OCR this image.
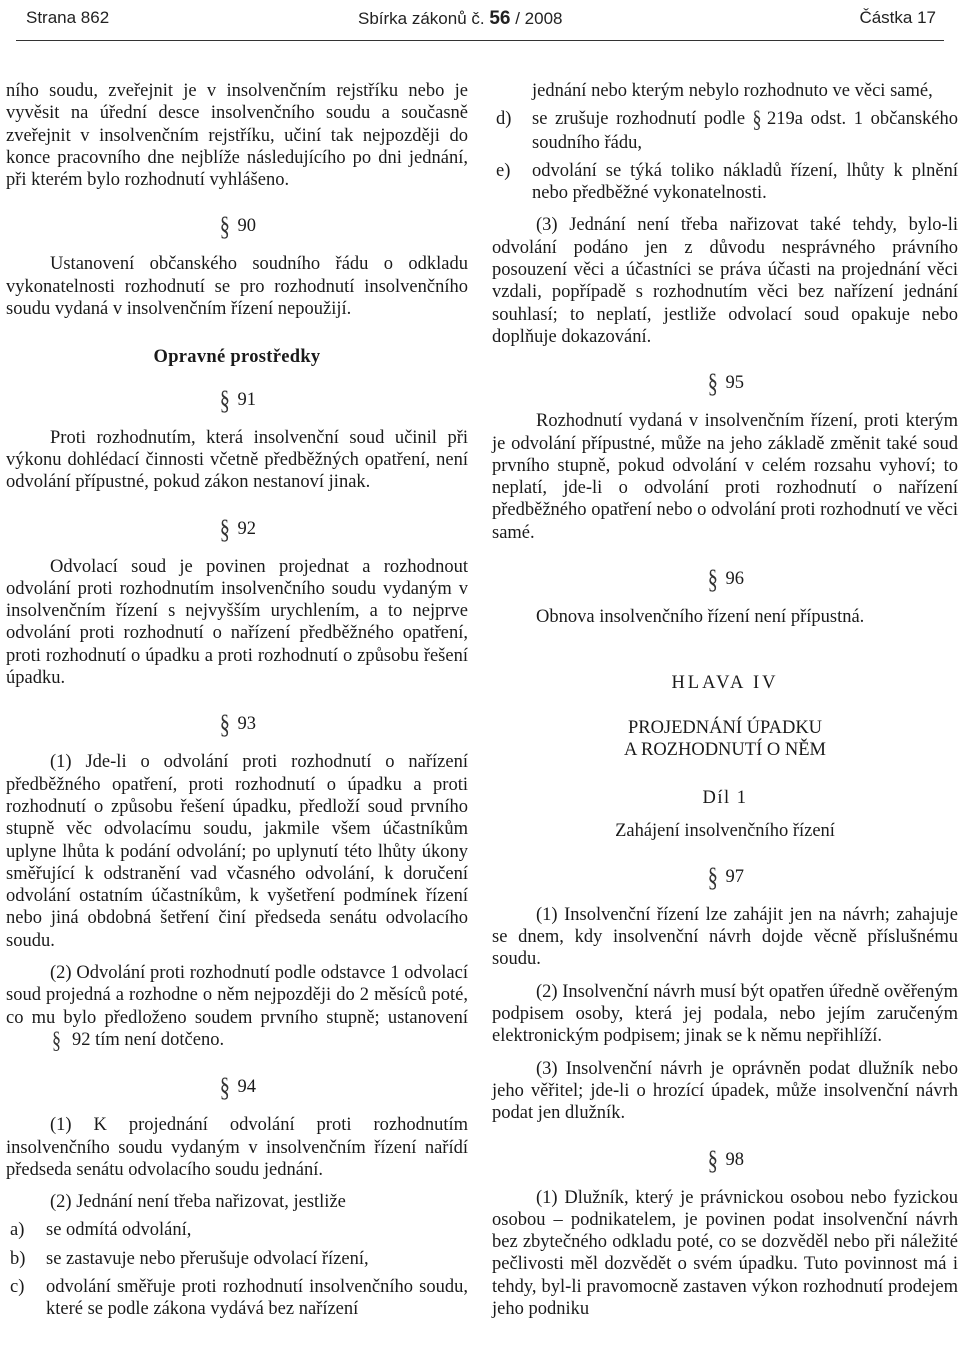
Strana 862	Sbírka zákonů č. 56 / 2008	Částka 17

ního soudu, zveřejnit je v insolvenčním rejstříku nebo je vyvěsit na úřední desce insolvenčního soudu a současně zveřejnit v insolvenčním rejstříku, učiní tak nejpozději do konce pracovního dne nejblíže následujícího po dni jednání, při kterém bylo rozhodnutí vyhlášeno.

§ 90

Ustanovení občanského soudního řádu o odkladu vykonatelnosti rozhodnutí se pro rozhodnutí insolvenčního soudu vydaná v insolvenčním řízení nepoužijí.

Opravné prostředky
§ 91

Proti rozhodnutím, která insolvenční soud učinil při výkonu dohlédací činnosti včetně předběžných opatření, není odvolání přípustné, pokud zákon nestanoví jinak.

§ 92

Odvolací soud je povinen projednat a rozhodnout odvolání proti rozhodnutím insolvenčního soudu vydaným v insolvenčním řízení s nejvyšším urychlením, a to nejprve odvolání proti rozhodnutí o nařízení předběžného opatření, proti rozhodnutí o úpadku a proti rozhodnutí o způsobu řešení úpadku.

§ 93

(1) Jde-li o odvolání proti rozhodnutí o nařízení předběžného opatření, proti rozhodnutí o úpadku a proti rozhodnutí o způsobu řešení úpadku, předloží soud prvního stupně věc odvolacímu soudu, jakmile všem účastníkům uplyne lhůta k podání odvolání; po uplynutí této lhůty úkony směřující k odstranění vad včasného odvolání, k doručení odvolání ostatním účastníkům, k vyšetření podmínek řízení nebo jiná obdobná šetření činí předseda senátu odvolacího soudu.

(2) Odvolání proti rozhodnutí podle odstavce 1 odvolací soud projedná a rozhodne o něm nejpozději do 2 měsíců poté, co mu bylo předloženo soudem prvního stupně; ustanovení§ 92 tím není dotčeno.

§ 94

(1) K projednání odvolání proti rozhodnutím insolvenčního soudu vydaným v insolvenčním řízení nařídí předseda senátu odvolacího soudu jednání.

(2) Jednání není třeba nařizovat, jestliže

a)	se odmítá odvolání,
b)	se zastavuje nebo přerušuje odvolací řízení,
c)	odvolání směřuje proti rozhodnutí insolvenčního soudu, které se podle zákona vydává bez nařízení
jednání nebo kterým nebylo rozhodnuto ve věci samé,
d)	se zrušuje rozhodnutí podle § 219a odst. 1 občanského soudního řádu,
e)	odvolání se týká toliko nákladů řízení, lhůty k plnění nebo předběžné vykonatelnosti.

(3) Jednání není třeba nařizovat také tehdy, bylo-li odvolání podáno jen z důvodu nesprávného právního posouzení věci a účastníci se práva účasti na projednání věci vzdali, popřípadě s rozhodnutím věci bez nařízení jednání souhlasí; to neplatí, jestliže odvolací soud opakuje nebo doplňuje dokazování.

§ 95

Rozhodnutí vydaná v insolvenčním řízení, proti kterým je odvolání přípustné, může na jeho základě změnit také soud prvního stupně, pokud odvolání v celém rozsahu vyhoví; to neplatí, jde-li o odvolání proti rozhodnutí o nařízení předběžného opatření nebo o odvolání proti rozhodnutí ve věci samé.

§ 96

Obnova insolvenčního řízení není přípustná.

HLAVA IV
PROJEDNÁNÍ ÚPADKU
A ROZHODNUTÍ O NĚM
Díl 1
Zahájení insolvenčního řízení
§ 97

(1) Insolvenční řízení lze zahájit jen na návrh; zahajuje se dnem, kdy insolvenční návrh dojde věcně příslušnému soudu.

(2) Insolvenční návrh musí být opatřen úředně ověřeným podpisem osoby, která jej podala, nebo jejím zaručeným elektronickým podpisem; jinak se k němu nepřihlíží.

(3) Insolvenční návrh je oprávněn podat dlužník nebo jeho věřitel; jde-li o hrozící úpadek, může insolvenční návrh podat jen dlužník.

§ 98

(1) Dlužník, který je právnickou osobou nebo fyzickou osobou – podnikatelem, je povinen podat insolvenční návrh bez zbytečného odkladu poté, co se dozvěděl nebo při náležité pečlivosti měl dozvědět o svém úpadku. Tuto povinnost má i tehdy, byl-li pravomocně zastaven výkon rozhodnutí prodejem jeho podniku
